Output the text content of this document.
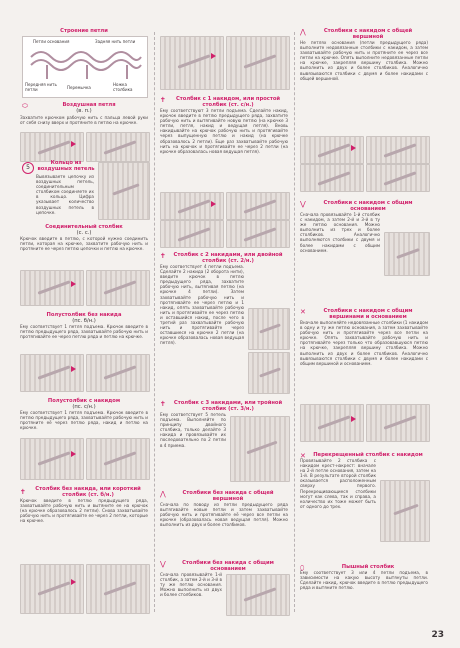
Строение петли
Петли основания	Задняя нить петли
Передняя нить петли	Перемычка
Ножка столбика
⬭	Воздушная петля
(в. п.)
Захватите крючком рабочую нить с пальца левой руки от себя снизу вверх и протяните в петлю на крючке.
5
Кольцо из воздушных петель
Вывязываете цепочку из воздушных петель, соединительным столбиком соединяете их в кольцо. Цифра указывает количество воздушных петель в цепочке.
Соединительный столбик
(с. с.)
Крючок введите в петлю, с которой нужно соединить петли, которая на крючке, захватите рабочую нить и протяните ее через петлю цепочки и петлю на крючке.
Полустолбик без накида
(пс. б/н.)
Ему соответствует 1 петля подъема. Крючок введите в петлю предыдущего ряда, захватывайте рабочую нить и протягивайте ее через петлю ряда и петлю на крючке.
Полустолбик с накидом
(пс. с/н.)
Ему соответствует 1 петля подъема. Крючок введите в петлю предыдущего ряда, захватывайте рабочую нить и протяните её через петлю ряда, накид и петлю на крючке.
✝	Столбик без накида, или короткий столбик (ст. б/н.)
Крючок введите в петлю предыдущего ряда, захватывайте рабочую нить и вытяните ее на крючок (на крючке образовалось 2 петли). Снова захватывайте рабочую нить и протягивайте ее через 2 петли, которые на крючке.
✝	Столбик с 1 накидом, или простой столбик (ст. с/н.)
Ему соответствуют 3 петли подъема. Сделайте накид, крючок введите в петлю предыдущего ряда, захватите рабочую нить и вытягивайте новую петлю (на крючке 3 петли, петля, накид и ведущая петля). Вновь накидывайте на крючок рабочую нить и протягивайте через выпущенную петлю и накид (на крючке образовалось 2 петли). Еще раз захватывайте рабочую нить на крючок и протягивайте ее через 2 петли (на крючке образовалась новая ведущая петля).
✝	Столбик с 2 накидами, или двойной столбик (ст. 2/н.)
Ему соответствует 4 петли подъема. Сделайте 2 накида (2 оборота нити), введите крючок в петлю предыдущего ряда, захватите рабочую нить, вытягивая петлю (на крючке 4 петли). Затем захватывайте рабочую нить и протягивайте ее через петлю и 1 накид, опять захватывайте рабочую нить и протягивайте ее через петлю и оставшийся накид, после чего в третий раз захватывайте рабочую нить и протягивайте через оставшиеся на крючке 2 петли (на крючке образовалась новая ведущая петля).
✝	Столбик с 3 накидами, или тройной столбик (ст. 3/н.)
Ему соответствует 5 петель подъема. Выполняйте по принципу двойного столбика, только делайте 3 накида и провязывайте их последовательно по 2 петли в 4 приема.
⋀	Столбики без накида с общей вершиной
Сначала по поводу из петли предыдущего ряда вытягивайте новые петли и затем захватывайте рабочую нить и протягивайте её через все петли на крючке (образовалась новая ведущая петля). Можно выполнить из двух и более столбиков.
⋁	Столбики без накида с общим основанием
Сначала провязывайте 1-й столбик, а затем 2-й и 3-й в ту же петлю основания. Можно выполнить из двух и более столбиков.
⋀	Столбики с накидом с общей вершиной
Не петлях основания (петли предыдущего ряда) выполните недовязанные столбики с накидом, а затем захватывайте рабочую нить и протяните ее через все петли на крючке. Опять выполните недовязанные петли на крючке, закрепляя вершину столбика. Можно выполнить из двух и более столбиков. Аналогично вывязываются столбики с двумя и более накидами с общей вершиной.
⋁	Столбики с накидом с общим основанием
Сначала провязывайте 1-й столбик с накидом, а затем 2-й и 3-й в ту же петлю основания. Можно выполнить из трех и более столбиков. Аналогично выполняются столбики с двумя и более накидами с общим основанием.
✕	Столбики с накидом с общим вершинами и основанием
Вначале выполняйте недовязанные столбики (1 накидом в одну и ту же петлю основания, а затем захватывайте рабочую нить и протягивайте через все петли на крючке. Опять захватывайте рабочую нить и протягивайте через только что образовавшуюся петлю на крючке, закрепляя вершину столбика. Можно выполнить из двух и более столбиков. Аналогично вывязываются столбики с двумя и более накидами с общим вершиной и основанием.
✕	Перекрещенный столбик с накидом
Провязывайте 2 столбика с накидом крест-накрест: вначале на 2-й петле основания, затем на 1-й. В результате второй столбик оказывается расположенным сверху первого. Перекрещивающиеся столбики могут как слева, так и справа, а количество их тоже может быть от одного до трех.
⬯	Пышный столбик
Ему соответствует 3 или 4 петли подъема, в зависимости на какую высоту вытянуты петли. Сделайте накид, крючок введите в петлю предыдущего ряда и вытяните петлю.
23
